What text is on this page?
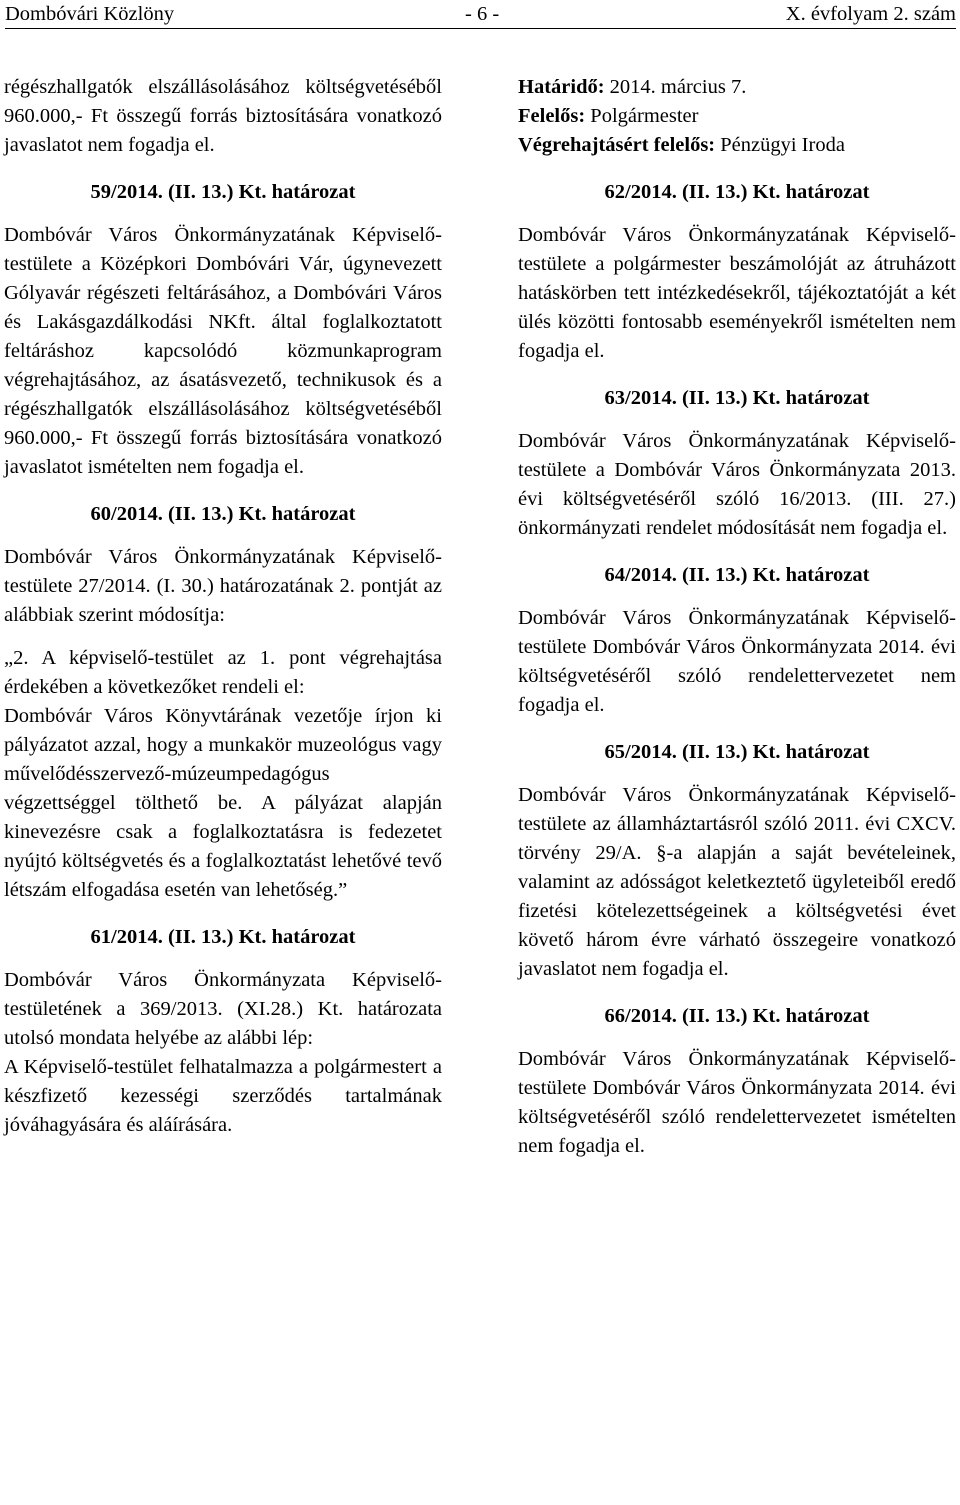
Dombóvári Közlöny	- 6 -	X. évfolyam 2. szám

régészhallgatók elszállásolásához költségvetéséből 960.000,- Ft összegű forrás biztosítására vonatkozó javaslatot nem fogadja el.

59/2014. (II. 13.) Kt. határozat

Dombóvár Város Önkormányzatának Képviselő-testülete a Középkori Dombóvári Vár, úgynevezett Gólyavár régészeti feltárásához, a Dombóvári Város és Lakásgazdálkodási NKft. által foglalkoztatott feltáráshoz kapcsolódó közmunkaprogram végrehajtásához, az ásatásvezető, technikusok és a régészhallgatók elszállásolásához költségvetéséből 960.000,- Ft összegű forrás biztosítására vonatkozó javaslatot ismételten nem fogadja el.

60/2014. (II. 13.) Kt. határozat

Dombóvár Város Önkormányzatának Képviselő-testülete 27/2014. (I. 30.) határozatának 2. pontját az alábbiak szerint módosítja:

„2. A képviselő-testület az 1. pont végrehajtása érdekében a következőket rendeli el:

Dombóvár Város Könyvtárának vezetője írjon ki pályázatot azzal, hogy a munkakör muzeológus vagy művelődésszervező-múzeumpedagógus végzettséggel tölthető be. A pályázat alapján kinevezésre csak a foglalkoztatásra is fedezetet nyújtó költségvetés és a foglalkoztatást lehetővé tevő létszám elfogadása esetén van lehetőség.”

61/2014. (II. 13.) Kt. határozat

Dombóvár Város Önkormányzata Képviselő-testületének a 369/2013. (XI.28.) Kt. határozata utolsó mondata helyébe az alábbi lép:

A Képviselő-testület felhatalmazza a polgármestert a készfizető kezességi szerződés tartalmának jóváhagyására és aláírására.

Határidő: 2014. március 7.

Felelős: Polgármester

Végrehajtásért felelős: Pénzügyi Iroda

62/2014. (II. 13.) Kt. határozat

Dombóvár Város Önkormányzatának Képviselő-testülete a polgármester beszámolóját az átruházott hatáskörben tett intézkedésekről, tájékoztatóját a két ülés közötti fontosabb eseményekről ismételten nem fogadja el.

63/2014. (II. 13.) Kt. határozat

Dombóvár Város Önkormányzatának Képviselő-testülete a Dombóvár Város Önkormányzata 2013. évi költségvetéséről szóló 16/2013. (III. 27.) önkormányzati rendelet módosítását nem fogadja el.

64/2014. (II. 13.) Kt. határozat

Dombóvár Város Önkormányzatának Képviselő-testülete Dombóvár Város Önkormányzata 2014. évi költségvetéséről szóló rendelettervezetet nem fogadja el.

65/2014. (II. 13.) Kt. határozat

Dombóvár Város Önkormányzatának Képviselő-testülete az államháztartásról szóló 2011. évi CXCV. törvény 29/A. §-a alapján a saját bevételeinek, valamint az adósságot keletkeztető ügyleteiből eredő fizetési kötelezettségeinek a költségvetési évet követő három évre várható összegeire vonatkozó javaslatot nem fogadja el.

66/2014. (II. 13.) Kt. határozat

Dombóvár Város Önkormányzatának Képviselő-testülete Dombóvár Város Önkormányzata 2014. évi költségvetéséről szóló rendelettervezetet ismételten nem fogadja el.
